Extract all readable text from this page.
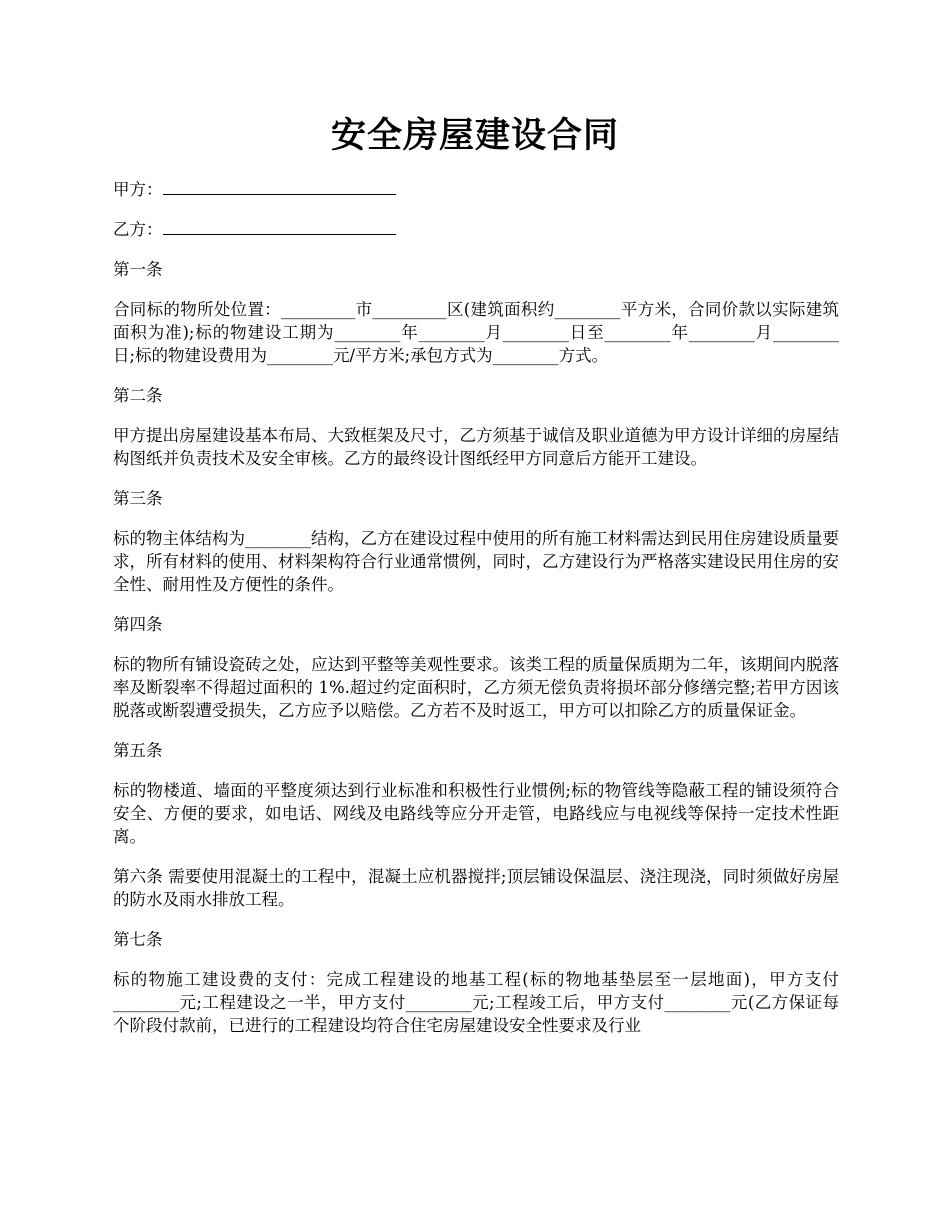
安全房屋建设合同
甲方：
乙方：

第一条

合同标的物所处位置：_________市_________区(建筑面积约________平方米，合同价款以实际建筑面积为准);标的物建设工期为________年________月________日至________年________月________日;标的物建设费用为________元/平方米;承包方式为________方式。

第二条

甲方提出房屋建设基本布局、大致框架及尺寸，乙方须基于诚信及职业道德为甲方设计详细的房屋结构图纸并负责技术及安全审核。乙方的最终设计图纸经甲方同意后方能开工建设。

第三条

标的物主体结构为________结构，乙方在建设过程中使用的所有施工材料需达到民用住房建设质量要求，所有材料的使用、材料架构符合行业通常惯例，同时，乙方建设行为严格落实建设民用住房的安全性、耐用性及方便性的条件。

第四条

标的物所有铺设瓷砖之处，应达到平整等美观性要求。该类工程的质量保质期为二年，该期间内脱落率及断裂率不得超过面积的 1%.超过约定面积时，乙方须无偿负责将损坏部分修缮完整;若甲方因该脱落或断裂遭受损失，乙方应予以赔偿。乙方若不及时返工，甲方可以扣除乙方的质量保证金。

第五条

标的物楼道、墙面的平整度须达到行业标准和积极性行业惯例;标的物管线等隐蔽工程的铺设须符合安全、方便的要求，如电话、网线及电路线等应分开走管，电路线应与电视线等保持一定技术性距离。

第六条 需要使用混凝土的工程中，混凝土应机器搅拌;顶层铺设保温层、浇注现浇，同时须做好房屋的防水及雨水排放工程。

第七条

标的物施工建设费的支付：完成工程建设的地基工程(标的物地基垫层至一层地面)，甲方支付________元;工程建设之一半，甲方支付________元;工程竣工后，甲方支付________元(乙方保证每个阶段付款前，已进行的工程建设均符合住宅房屋建设安全性要求及行业
